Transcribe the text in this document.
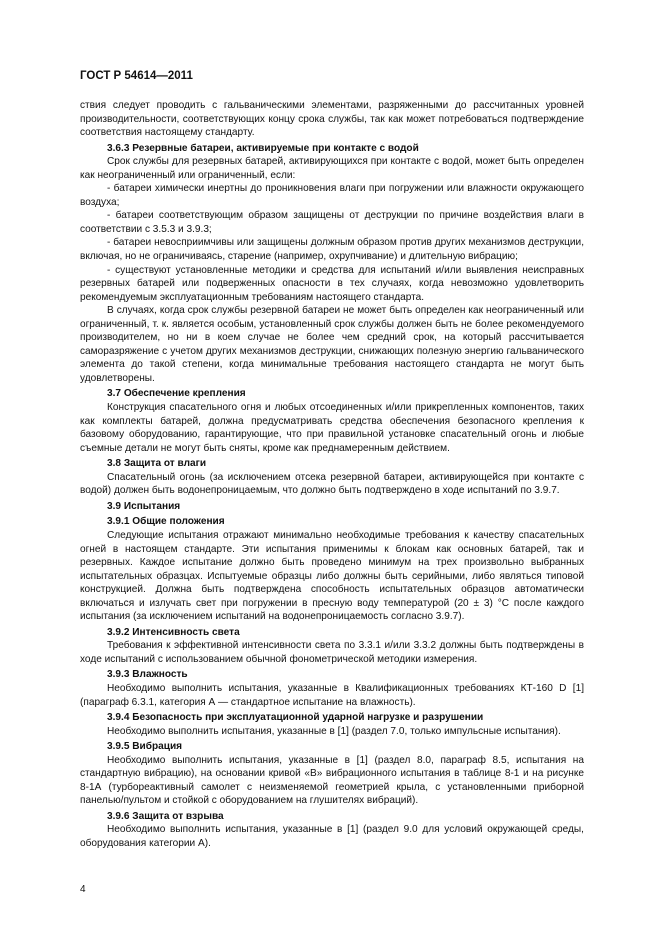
ГОСТ Р 54614—2011

ствия следует проводить с гальваническими элементами, разряженными до рассчитанных уровней производительности, соответствующих концу срока службы, так как может потребоваться подтверждение соответствия настоящему стандарту.

3.6.3 Резервные батареи, активируемые при контакте с водой

Срок службы для резервных батарей, активирующихся при контакте с водой, может быть определен как неограниченный или ограниченный, если:

- батареи химически инертны до проникновения влаги при погружении или влажности окружающего воздуха;

- батареи соответствующим образом защищены от деструкции по причине воздействия влаги в соответствии с 3.5.3 и 3.9.3;

- батареи невосприимчивы или защищены должным образом против других механизмов деструкции, включая, но не ограничиваясь, старение (например, охрупчивание) и длительную вибрацию;

- существуют установленные методики и средства для испытаний и/или выявления неисправных резервных батарей или подверженных опасности в тех случаях, когда невозможно удовлетворить рекомендуемым эксплуатационным требованиям настоящего стандарта.

В случаях, когда срок службы резервной батареи не может быть определен как неограниченный или ограниченный, т. к. является особым, установленный срок службы должен быть не более рекомендуемого производителем, но ни в коем случае не более чем средний срок, на который рассчитывается саморазряжение с учетом других механизмов деструкции, снижающих полезную энергию гальванического элемента до такой степени, когда минимальные требования настоящего стандарта не могут быть удовлетворены.

3.7 Обеспечение крепления

Конструкция спасательного огня и любых отсоединенных и/или прикрепленных компонентов, таких как комплекты батарей, должна предусматривать средства обеспечения безопасного крепления к базовому оборудованию, гарантирующие, что при правильной установке спасательный огонь и любые съемные детали не могут быть сняты, кроме как преднамеренным действием.

3.8 Защита от влаги

Спасательный огонь (за исключением отсека резервной батареи, активирующейся при контакте с водой) должен быть водонепроницаемым, что должно быть подтверждено в ходе испытаний по 3.9.7.

3.9 Испытания

3.9.1 Общие положения

Следующие испытания отражают минимально необходимые требования к качеству спасательных огней в настоящем стандарте. Эти испытания применимы к блокам как основных батарей, так и резервных. Каждое испытание должно быть проведено минимум на трех произвольно выбранных испытательных образцах. Испытуемые образцы либо должны быть серийными, либо являться типовой конструкцией. Должна быть подтверждена способность испытательных образцов автоматически включаться и излучать свет при погружении в пресную воду температурой (20 ± 3) °С после каждого испытания (за исключением испытаний на водонепроницаемость согласно 3.9.7).

3.9.2 Интенсивность света

Требования к эффективной интенсивности света по 3.3.1 и/или 3.3.2 должны быть подтверждены в ходе испытаний с использованием обычной фонометрической методики измерения.

3.9.3 Влажность

Необходимо выполнить испытания, указанные в Квалификационных требованиях КТ-160 D [1] (параграф 6.3.1, категория А — стандартное испытание на влажность).

3.9.4 Безопасность при эксплуатационной ударной нагрузке и разрушении

Необходимо выполнить испытания, указанные в [1] (раздел 7.0, только импульсные испытания).

3.9.5 Вибрация

Необходимо выполнить испытания, указанные в [1] (раздел 8.0, параграф 8.5, испытания на стандартную вибрацию), на основании кривой «В» вибрационного испытания в таблице 8-1 и на рисунке 8-1А (турбореактивный самолет с неизменяемой геометрией крыла, с установленными приборной панелью/пультом и стойкой с оборудованием на глушителях вибраций).

3.9.6 Защита от взрыва

Необходимо выполнить испытания, указанные в [1] (раздел 9.0 для условий окружающей среды, оборудования категории А).

4
